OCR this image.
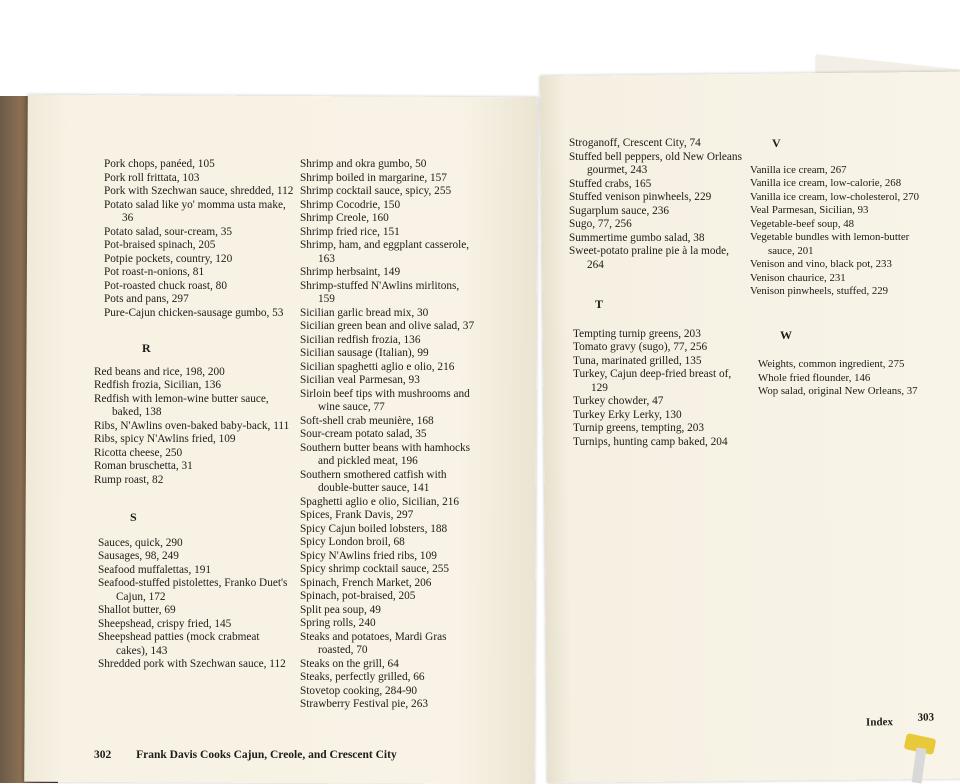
Pork chops, panéed, 105

Pork roll frittata, 103

Pork with Szechwan sauce, shredded, 112

Potato salad like yo' momma usta make, 36

Potato salad, sour-cream, 35

Pot-braised spinach, 205

Potpie pockets, country, 120

Pot roast-n-onions, 81

Pot-roasted chuck roast, 80

Pots and pans, 297

Pure-Cajun chicken-sausage gumbo, 53

R

Red beans and rice, 198, 200

Redfish frozia, Sicilian, 136

Redfish with lemon-wine butter sauce, baked, 138

Ribs, N'Awlins oven-baked baby-back, 111

Ribs, spicy N'Awlins fried, 109

Ricotta cheese, 250

Roman bruschetta, 31

Rump roast, 82

S

Sauces, quick, 290

Sausages, 98, 249

Seafood muffalettas, 191

Seafood-stuffed pistolettes, Franko Duet's Cajun, 172

Shallot butter, 69

Sheepshead, crispy fried, 145

Sheepshead patties (mock crabmeat cakes), 143

Shredded pork with Szechwan sauce, 112

Shrimp and okra gumbo, 50

Shrimp boiled in margarine, 157

Shrimp cocktail sauce, spicy, 255

Shrimp Cocodrie, 150

Shrimp Creole, 160

Shrimp fried rice, 151

Shrimp, ham, and eggplant casserole, 163

Shrimp herbsaint, 149

Shrimp-stuffed N'Awlins mirlitons, 159

Sicilian garlic bread mix, 30

Sicilian green bean and olive salad, 37

Sicilian redfish frozia, 136

Sicilian sausage (Italian), 99

Sicilian spaghetti aglio e olio, 216

Sicilian veal Parmesan, 93

Sirloin beef tips with mushrooms and wine sauce, 77

Soft-shell crab meunière, 168

Sour-cream potato salad, 35

Southern butter beans with hamhocks and pickled meat, 196

Southern smothered catfish with double-butter sauce, 141

Spaghetti aglio e olio, Sicilian, 216

Spices, Frank Davis, 297

Spicy Cajun boiled lobsters, 188

Spicy London broil, 68

Spicy N'Awlins fried ribs, 109

Spicy shrimp cocktail sauce, 255

Spinach, French Market, 206

Spinach, pot-braised, 205

Split pea soup, 49

Spring rolls, 240

Steaks and potatoes, Mardi Gras roasted, 70

Steaks on the grill, 64

Steaks, perfectly grilled, 66

Stovetop cooking, 284-90

Strawberry Festival pie, 263

Stroganoff, Crescent City, 74

Stuffed bell peppers, old New Orleans gourmet, 243

Stuffed crabs, 165

Stuffed venison pinwheels, 229

Sugarplum sauce, 236

Sugo, 77, 256

Summertime gumbo salad, 38

Sweet-potato praline pie à la mode, 264

T

Tempting turnip greens, 203

Tomato gravy (sugo), 77, 256

Tuna, marinated grilled, 135

Turkey, Cajun deep-fried breast of, 129

Turkey chowder, 47

Turkey Erky Lerky, 130

Turnip greens, tempting, 203

Turnips, hunting camp baked, 204

V

Vanilla ice cream, 267

Vanilla ice cream, low-calorie, 268

Vanilla ice cream, low-cholesterol, 270

Veal Parmesan, Sicilian, 93

Vegetable-beef soup, 48

Vegetable bundles with lemon-butter sauce, 201

Venison and vino, black pot, 233

Venison chaurice, 231

Venison pinwheels, stuffed, 229

W

Weights, common ingredient, 275

Whole fried flounder, 146

Wop salad, original New Orleans, 37

302 Frank Davis Cooks Cajun, Creole, and Crescent City
Index 303
